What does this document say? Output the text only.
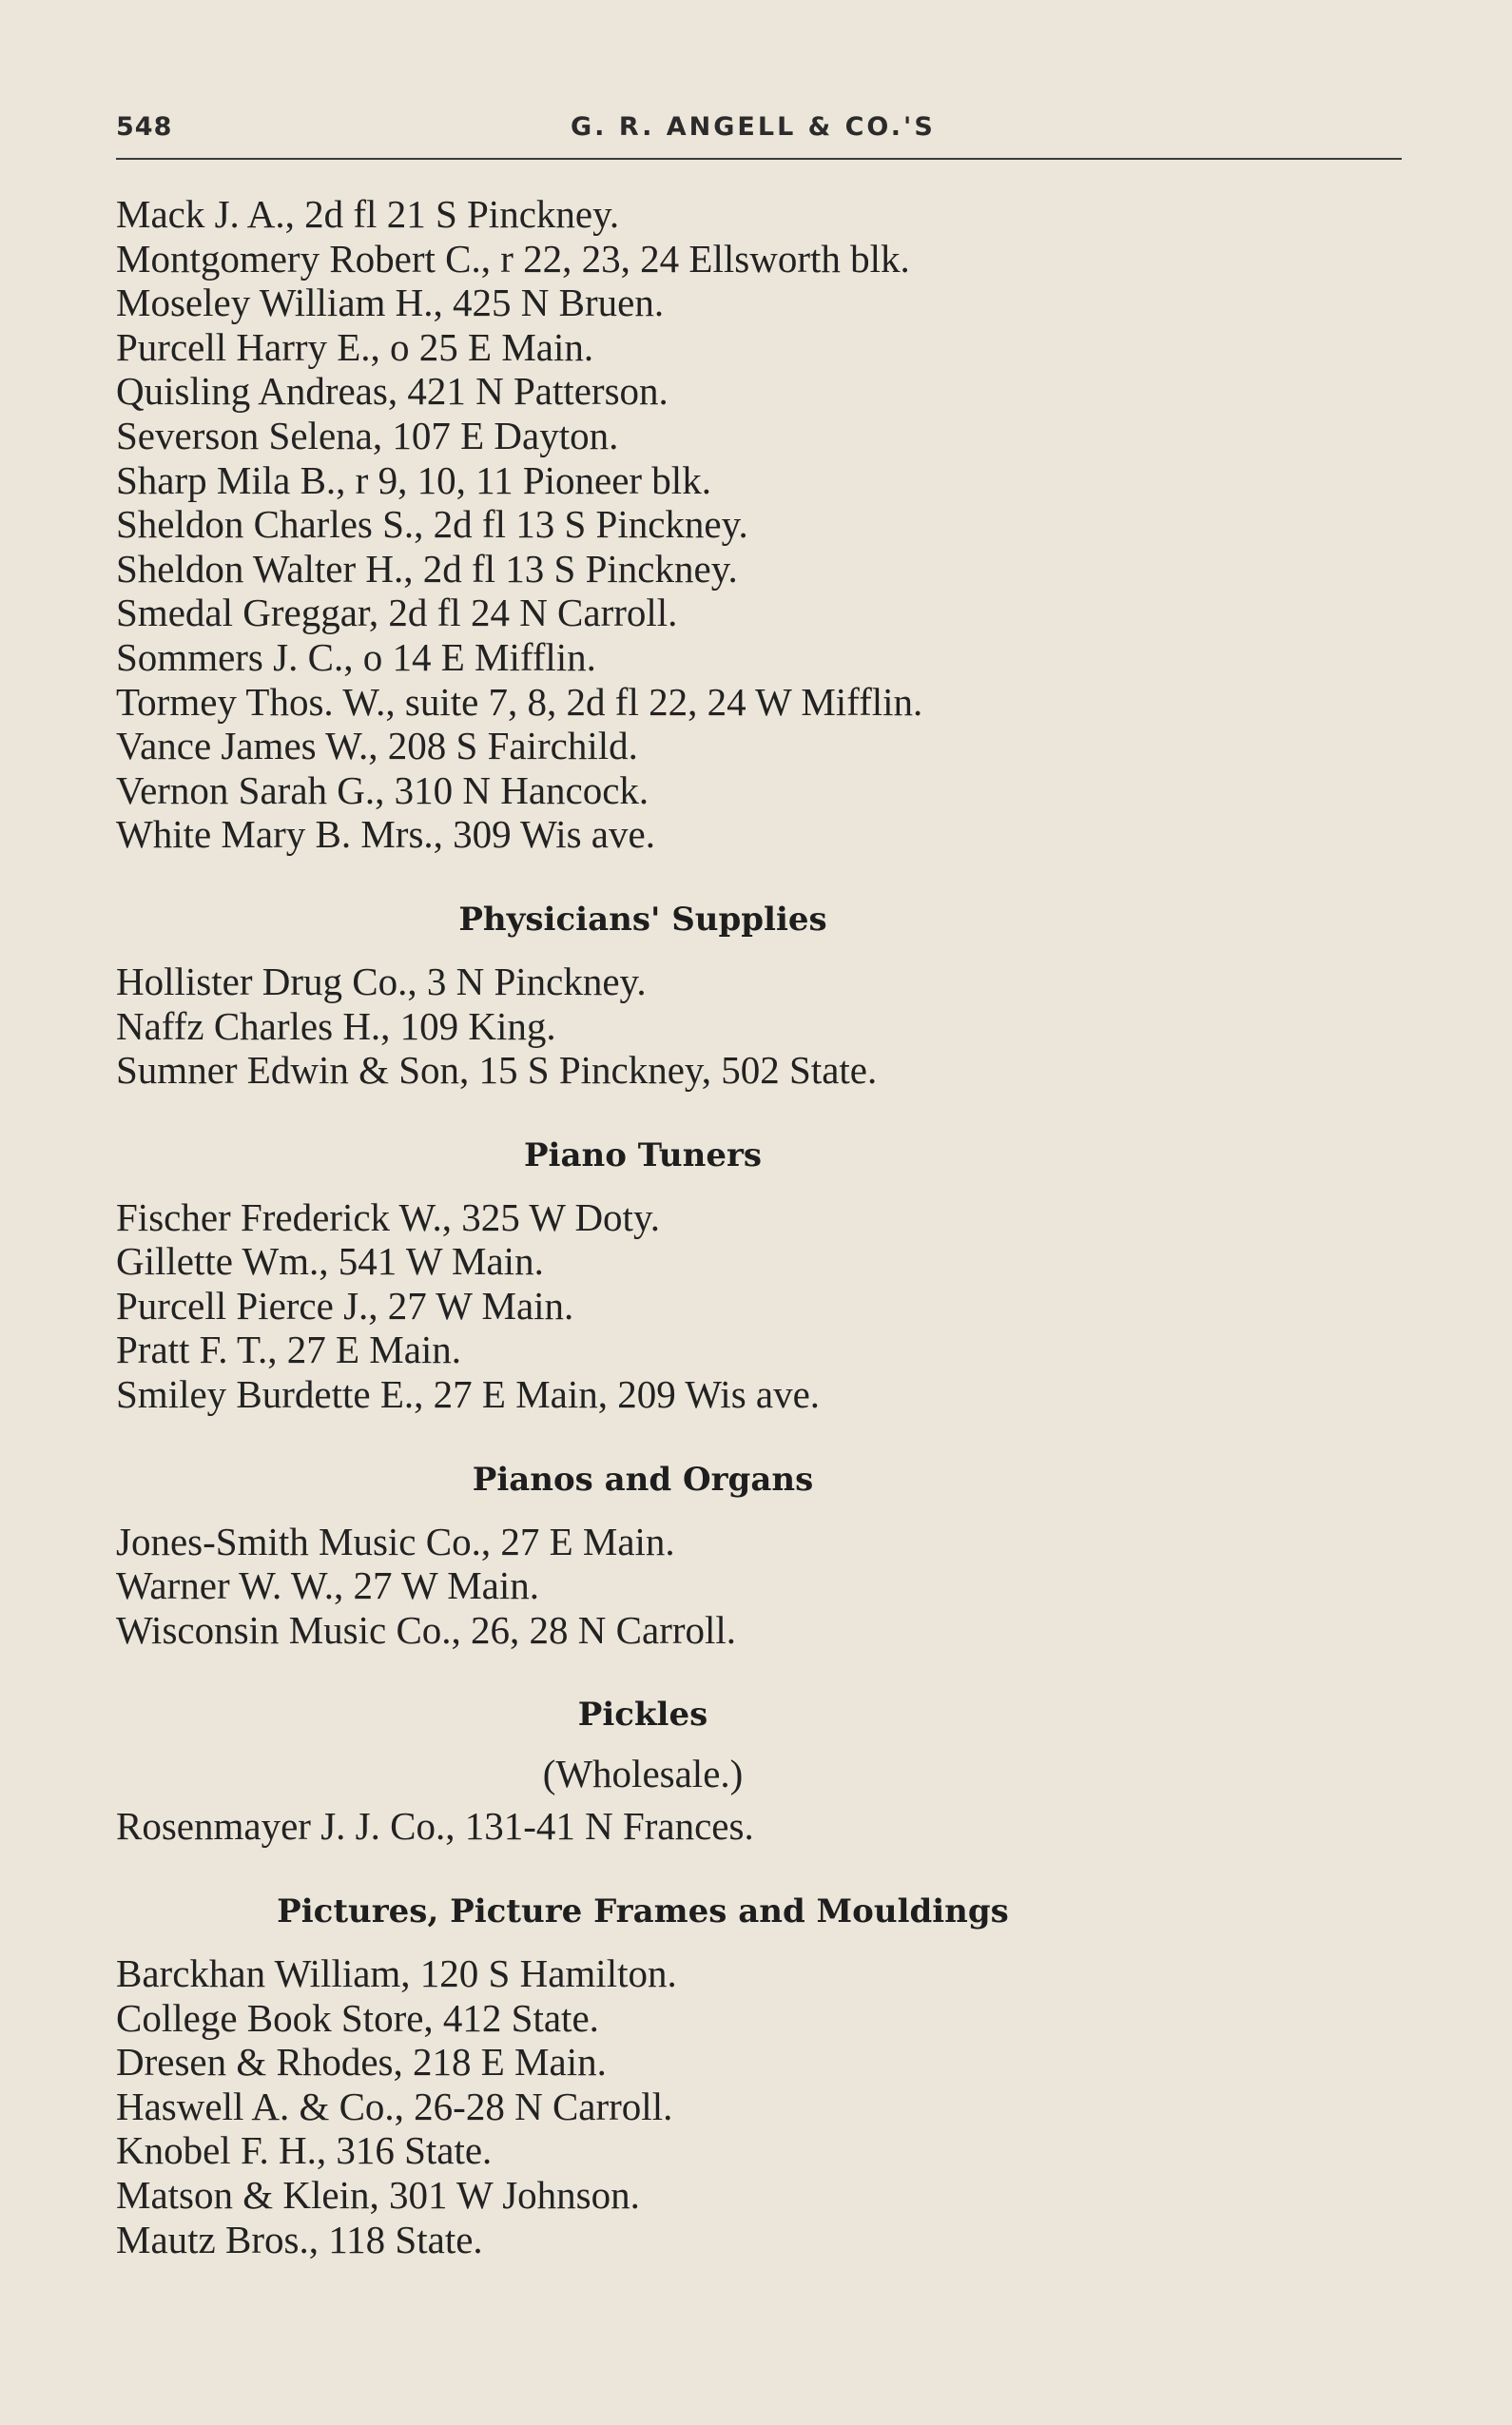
548	G. R. ANGELL & CO.'S
Mack J. A., 2d fl 21 S Pinckney.
Montgomery Robert C., r 22, 23, 24 Ellsworth blk.
Moseley William H., 425 N Bruen.
Purcell Harry E., o 25 E Main.
Quisling Andreas, 421 N Patterson.
Severson Selena, 107 E Dayton.
Sharp Mila B., r 9, 10, 11 Pioneer blk.
Sheldon Charles S., 2d fl 13 S Pinckney.
Sheldon Walter H., 2d fl 13 S Pinckney.
Smedal Greggar, 2d fl 24 N Carroll.
Sommers J. C., o 14 E Mifflin.
Tormey Thos. W., suite 7, 8, 2d fl 22, 24 W Mifflin.
Vance James W., 208 S Fairchild.
Vernon Sarah G., 310 N Hancock.
White Mary B. Mrs., 309 Wis ave.
Physicians' Supplies
Hollister Drug Co., 3 N Pinckney.
Naffz Charles H., 109 King.
Sumner Edwin & Son, 15 S Pinckney, 502 State.
Piano Tuners
Fischer Frederick W., 325 W Doty.
Gillette Wm., 541 W Main.
Purcell Pierce J., 27 W Main.
Pratt F. T., 27 E Main.
Smiley Burdette E., 27 E Main, 209 Wis ave.
Pianos and Organs
Jones-Smith Music Co., 27 E Main.
Warner W. W., 27 W Main.
Wisconsin Music Co., 26, 28 N Carroll.
Pickles
(Wholesale.)
Rosenmayer J. J. Co., 131-41 N Frances.
Pictures, Picture Frames and Mouldings
Barckhan William, 120 S Hamilton.
College Book Store, 412 State.
Dresen & Rhodes, 218 E Main.
Haswell A. & Co., 26-28 N Carroll.
Knobel F. H., 316 State.
Matson & Klein, 301 W Johnson.
Mautz Bros., 118 State.
